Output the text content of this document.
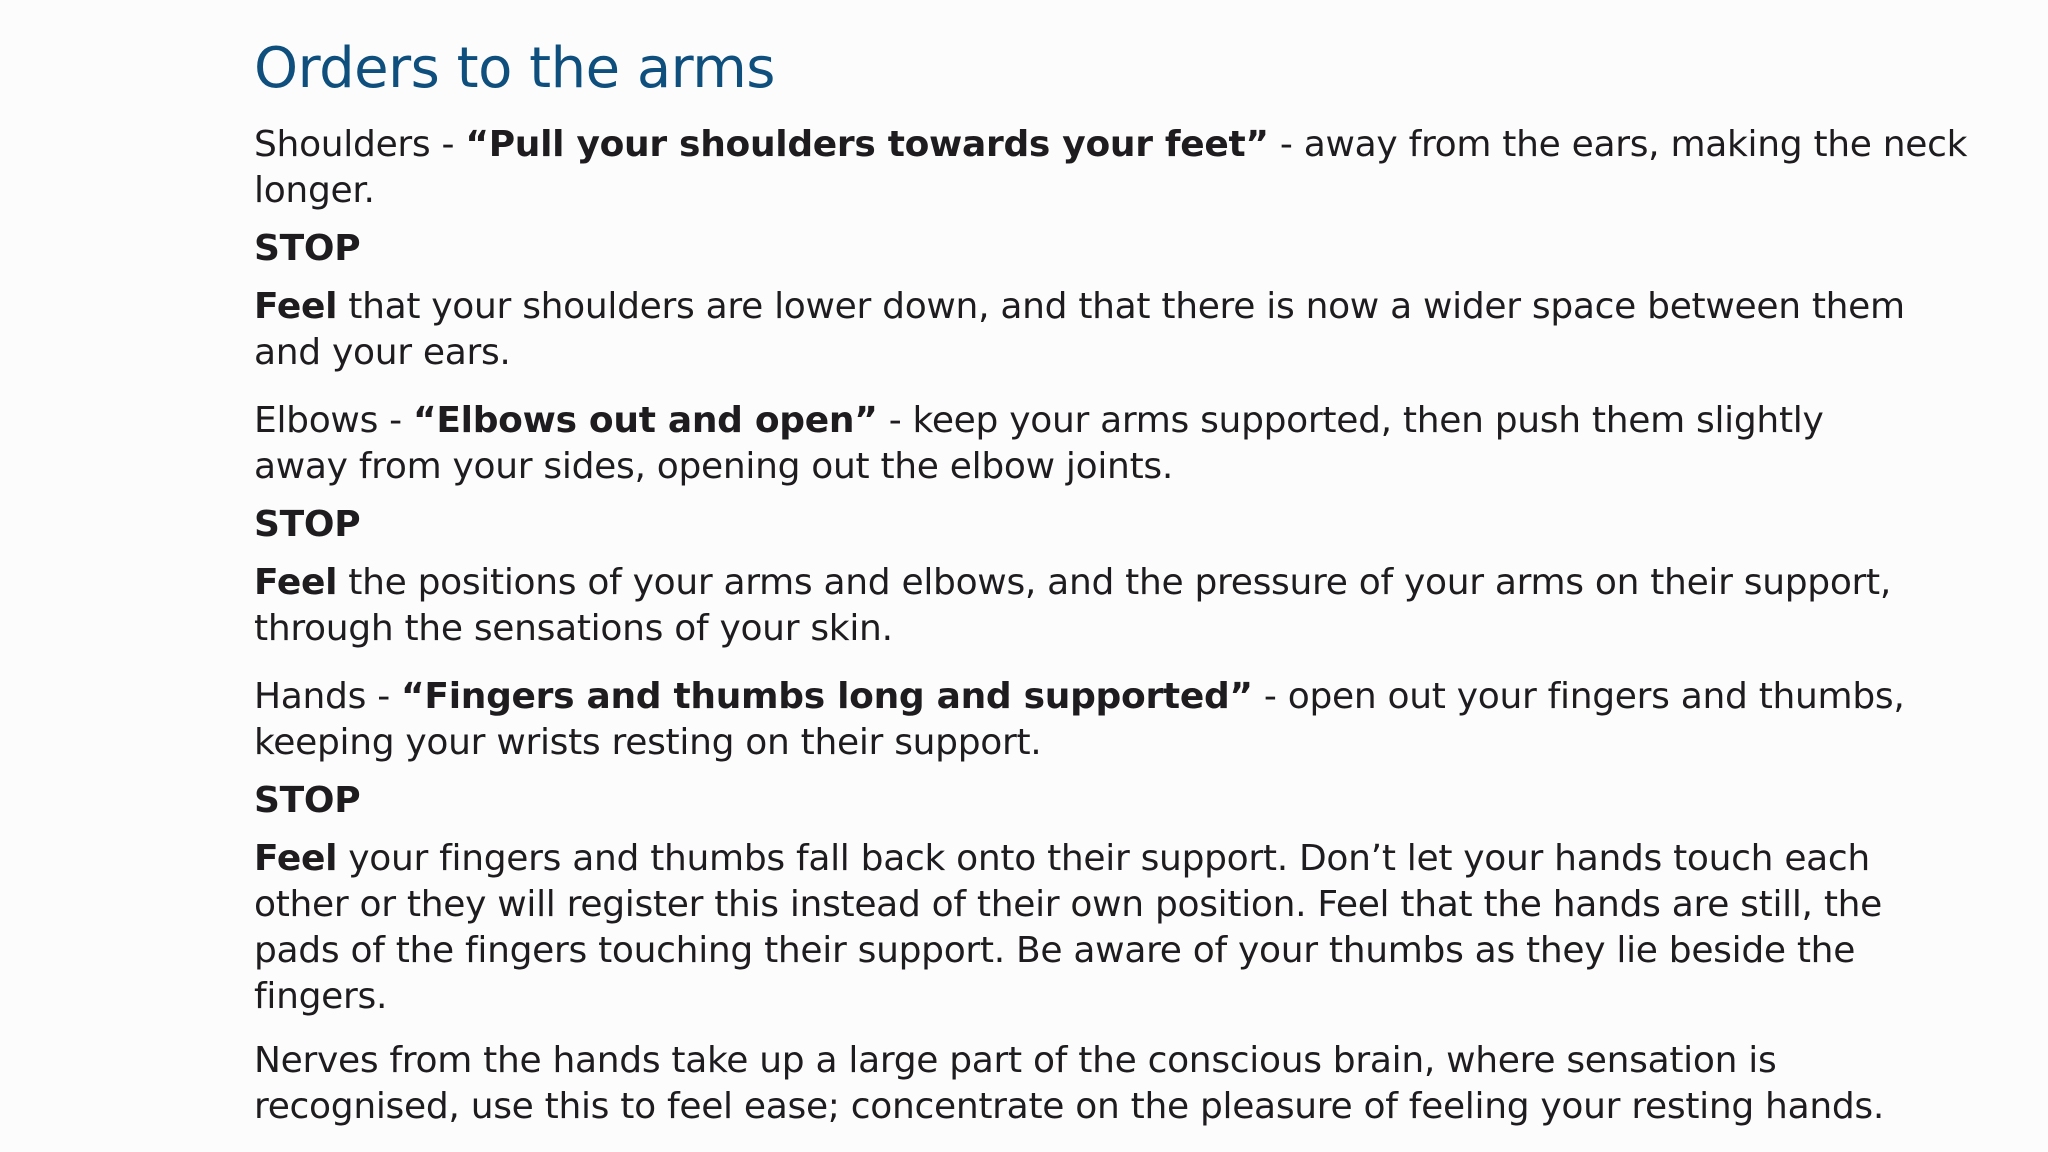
Orders to the arms

Shoulders - “Pull your shoulders towards your feet” - away from the ears, making the neck
longer.

STOP

Feel that your shoulders are lower down, and that there is now a wider space between them
and your ears.

Elbows - “Elbows out and open” - keep your arms supported, then push them slightly
away from your sides, opening out the elbow joints.

STOP

Feel the positions of your arms and elbows, and the pressure of your arms on their support,
through the sensations of your skin.

Hands - “Fingers and thumbs long and supported” - open out your fingers and thumbs,
keeping your wrists resting on their support.

STOP

Feel your fingers and thumbs fall back onto their support. Don’t let your hands touch each
other or they will register this instead of their own position. Feel that the hands are still, the
pads of the fingers touching their support. Be aware of your thumbs as they lie beside the
fingers.

Nerves from the hands take up a large part of the conscious brain, where sensation is
recognised, use this to feel ease; concentrate on the pleasure of feeling your resting hands.
